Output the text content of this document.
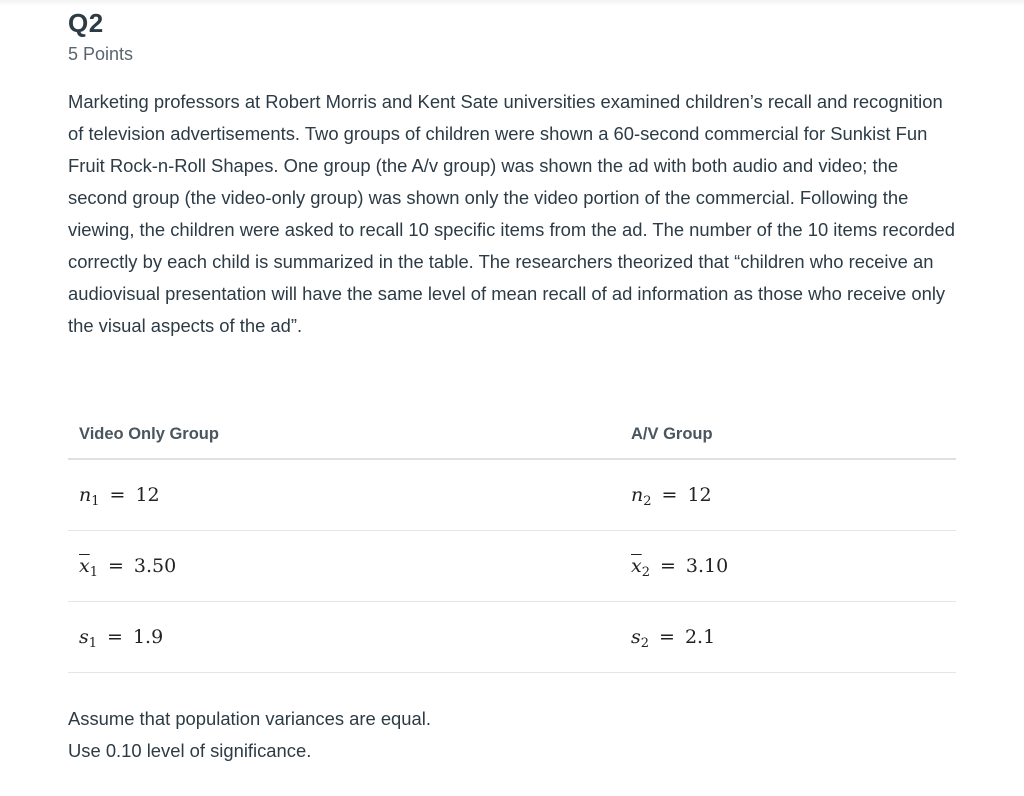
Q2
5 Points

Marketing professors at Robert Morris and Kent Sate universities examined children’s recall and recognition of television advertisements. Two groups of children were shown a 60-second commercial for Sunkist Fun Fruit Rock-n-Roll Shapes. One group (the A/v group) was shown the ad with both audio and video; the second group (the video-only group) was shown only the video portion of the commercial. Following the viewing, the children were asked to recall 10 specific items from the ad. The number of the 10 items recorded correctly by each child is summarized in the table. The researchers theorized that “children who receive an audiovisual presentation will have the same level of mean recall of ad information as those who receive only the visual aspects of the ad”.

Video Only Group	A/V Group
$n_1 = 12$	$n_2 = 12$
$\overline{x}_1 = 3.50$	$\overline{x}_2 = 3.10$
$s_1 = 1.9$	$s_2 = 2.1$

Assume that population variances are equal.

Use 0.10 level of significance.
